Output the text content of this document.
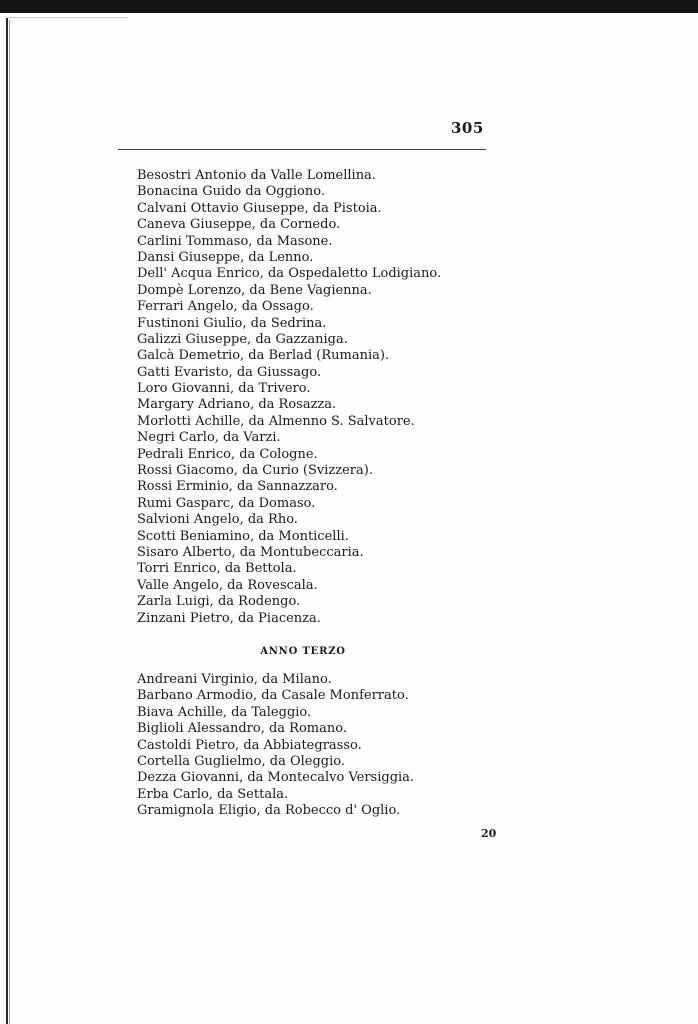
305
Besostri Antonio da Valle Lomellina.
Bonacina Guido da Oggiono.
Calvani Ottavio Giuseppe, da Pistoia.
Caneva Giuseppe, da Cornedo.
Carlini Tommaso, da Masone.
Dansi Giuseppe, da Lenno.
Dell' Acqua Enrico, da Ospedaletto Lodigiano.
Dompè Lorenzo, da Bene Vagienna.
Ferrari Angelo, da Ossago.
Fustinoni Giulio, da Sedrina.
Galizzi Giuseppe, da Gazzaniga.
Galcà Demetrio, da Berlad (Rumania).
Gatti Evaristo, da Giussago.
Loro Giovanni, da Trivero.
Margary Adriano, da Rosazza.
Morlotti Achille, da Almenno S. Salvatore.
Negri Carlo, da Varzi.
Pedrali Enrico, da Cologne.
Rossi Giacomo, da Curio (Svizzera).
Rossi Erminio, da Sannazzaro.
Rumi Gasparc, da Domaso.
Salvioni Angelo, da Rho.
Scotti Beniamino, da Monticelli.
Sisaro Alberto, da Montubeccaria.
Torri Enrico, da Bettola.
Valle Angelo, da Rovescala.
Zarla Luigi, da Rodengo.
Zinzani Pietro, da Piacenza.
ANNO TERZO
Andreani Virginio, da Milano.
Barbano Armodio, da Casale Monferrato.
Biava Achille, da Taleggio.
Biglioli Alessandro, da Romano.
Castoldi Pietro, da Abbiategrasso.
Cortella Guglielmo, da Oleggio.
Dezza Giovanni, da Montecalvo Versiggia.
Erba Carlo, da Settala.
Gramignola Eligio, da Robecco d' Oglio.
20
